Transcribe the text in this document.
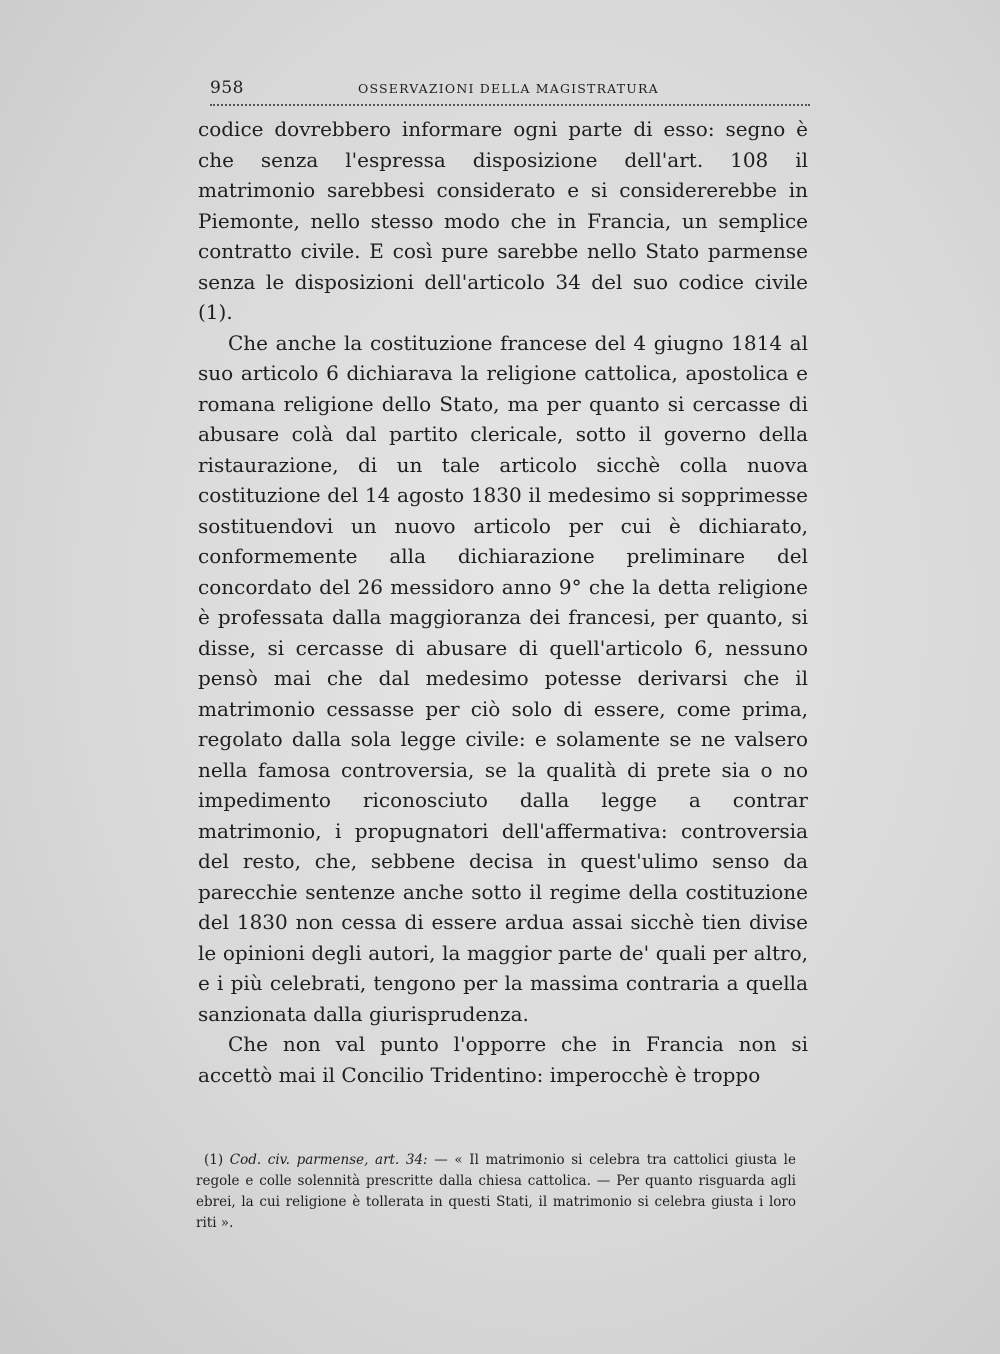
958	OSSERVAZIONI DELLA MAGISTRATURA

codice dovrebbero informare ogni parte di esso: segno è che senza l'espressa disposizione dell'art. 108 il matrimonio sarebbesi considerato e si considererebbe in Piemonte, nello stesso modo che in Francia, un semplice contratto civile. E così pure sarebbe nello Stato parmense senza le disposizioni dell'articolo 34 del suo codice civile (1).

Che anche la costituzione francese del 4 giugno 1814 al suo articolo 6 dichiarava la religione cattolica, apostolica e romana religione dello Stato, ma per quanto si cercasse di abusare colà dal partito clericale, sotto il governo della ristaurazione, di un tale articolo sicchè colla nuova costituzione del 14 agosto 1830 il medesimo si sopprimesse sostituendovi un nuovo articolo per cui è dichiarato, conformemente alla dichiarazione preliminare del concordato del 26 messidoro anno 9° che la detta religione è professata dalla maggioranza dei francesi, per quanto, si disse, si cercasse di abusare di quell'articolo 6, nessuno pensò mai che dal medesimo potesse derivarsi che il matrimonio cessasse per ciò solo di essere, come prima, regolato dalla sola legge civile: e solamente se ne valsero nella famosa controversia, se la qualità di prete sia o no impedimento riconosciuto dalla legge a contrar matrimonio, i propugnatori dell'affermativa: controversia del resto, che, sebbene decisa in quest'ulimo senso da parecchie sentenze anche sotto il regime della costituzione del 1830 non cessa di essere ardua assai sicchè tien divise le opinioni degli autori, la maggior parte de' quali per altro, e i più celebrati, tengono per la massima contraria a quella sanzionata dalla giurisprudenza.

Che non val punto l'opporre che in Francia non si accettò mai il Concilio Tridentino: imperocchè è troppo

(1) Cod. civ. parmense, art. 34: — « Il matrimonio si celebra tra cattolici giusta le regole e colle solennità prescritte dalla chiesa cattolica. — Per quanto risguarda agli ebrei, la cui religione è tollerata in questi Stati, il matrimonio si celebra giusta i loro riti ».
